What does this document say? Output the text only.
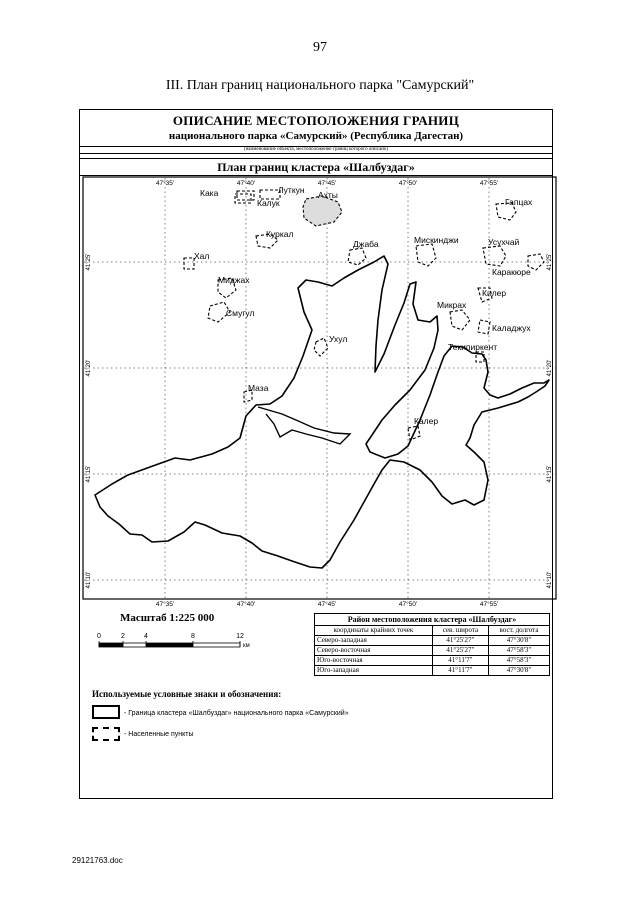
97
III. План границ национального парка "Самурский"
ОПИСАНИЕ МЕСТОПОЛОЖЕНИЯ ГРАНИЦ
национального парка «Самурский» (Республика Дагестан)
(наименование объекта, местоположение границ которого описано)
План границ кластера «Шалбуздаг»
47°35'	47°40'	47°45'	47°50'	47°55'
47°35'	47°40'	47°45'	47°50'	47°55'
41°25'
41°20'
41°15'
41°10'
41°25'
41°20'
41°15'
41°10'
Кака	Луткун Ахты
Калук	Гапцах
Куркал
Хал
Джаба	Мискинджи	Усухчай
Каракюре
Миджах
Килер
Микрах
Смугул
Каладжух
Ухул
Текипиркент
Маза
Калер
0	2	4	8	12
км
Масштаб 1:225 000	Район местоположения кластера «Шалбуздаг»		
координаты крайних точек	сев. широта	вост. долгота
Северо-западная	41°25'27"	47°30'8"
Северо-восточная	41°25'27"	47°58'3"
Юго-восточная	41°11'7"	47°58'3"
Юго-западная	41°11'7"	47°30'8"
Используемые условные знаки и обозначения:
- Граница кластера «Шалбуздаг» национального парка «Самурский»
- Населенные пункты
29121763.doc
